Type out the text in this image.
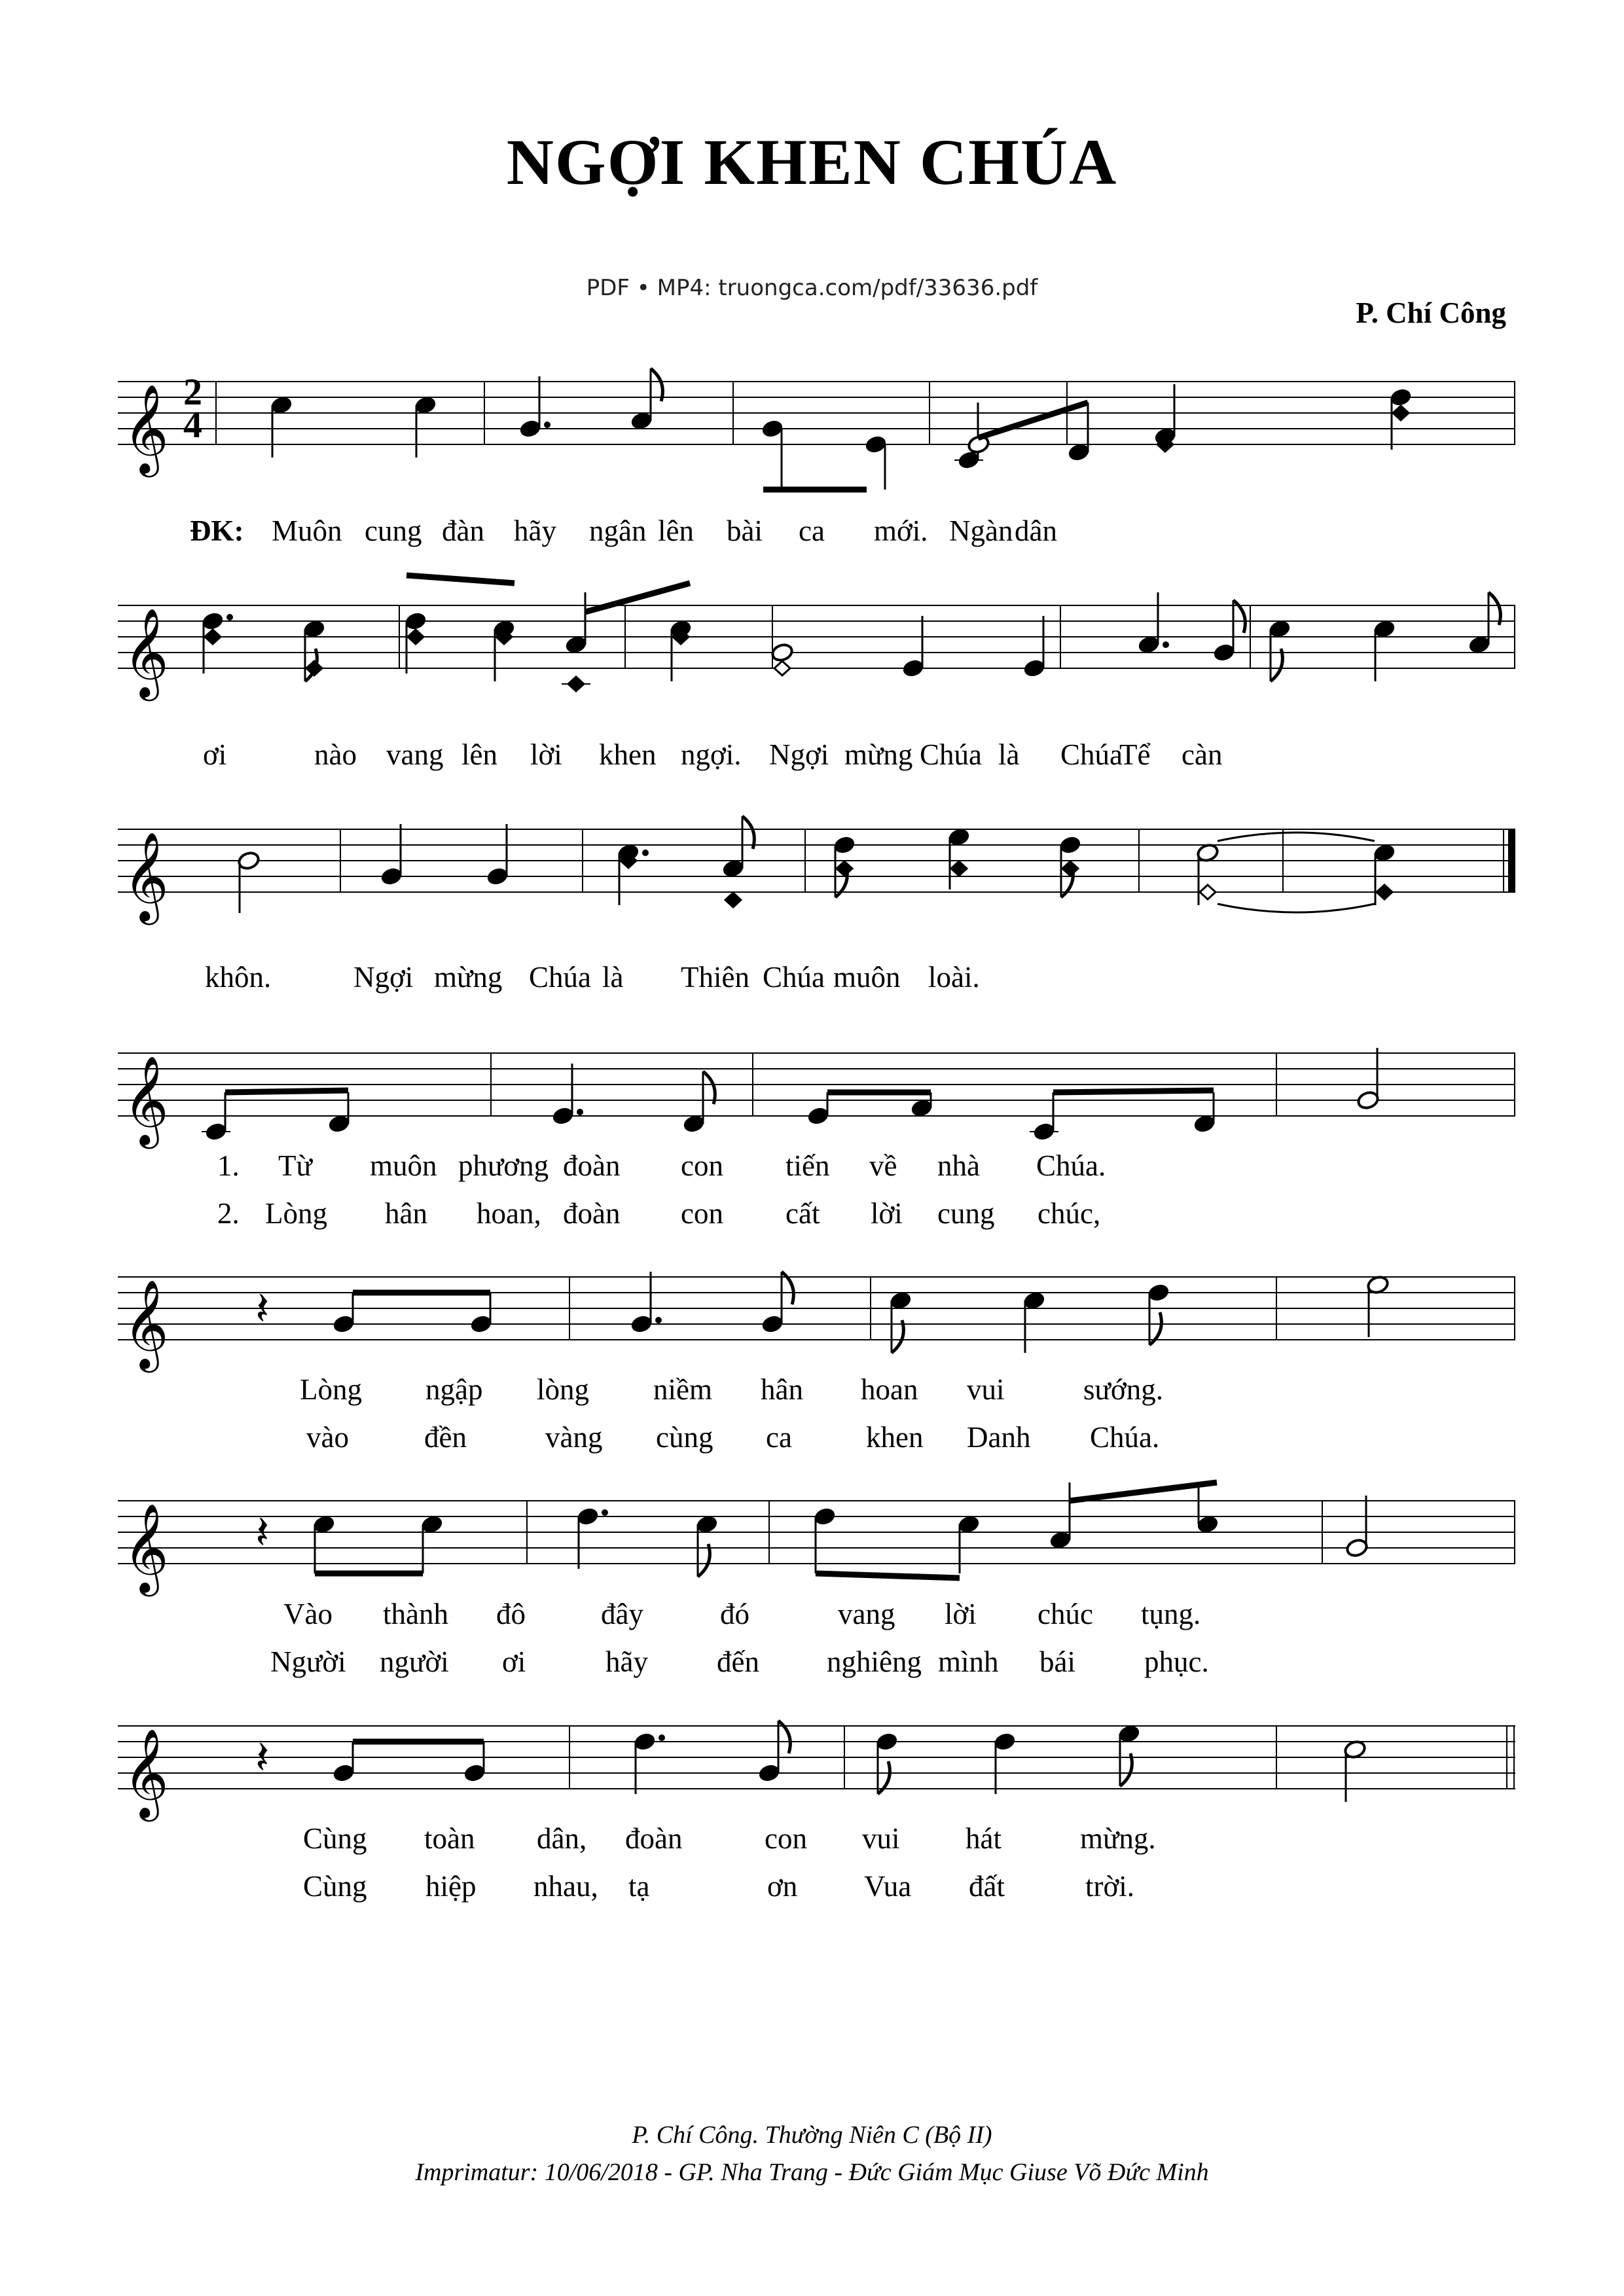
NGỢI KHEN CHÚA
PDF • MP4: truongca.com/pdf/33636.pdf
P. Chí Công
2
4
𝄞
ĐK: Muôn cung đàn hãy ngân lên bài ca mới. Ngàn dân
𝄞
ơi	nào vang lên lời khen ngợi. Ngợi mừng Chúa là Chúa
Tể càn
𝄞
khôn.	Ngợi mừng Chúa là Thiên Chúa muôn loài.
𝄞
1. Từ muôn phương đoàn con tiến về nhà Chúa.
2. Lòng hân hoan, đoàn con cất lời cung chúc,
𝄞 𝄽
Lòng ngập lòng niềm hân hoan vui	sướng.
vào	đền	vàng cùng ca	khen Danh Chúa.
𝄞 𝄽
Vào thành đô	đây	đó	vang lời chúc tụng.
Người người ơi	hãy đến nghiêng mình bái phục.
𝄞 𝄽
Cùng toàn dân, đoàn	con vui hát	mừng.
Cùng hiệp nhau, tạ	ơn Vua đất	trời.
P. Chí Công. Thường Niên C (Bộ II)
Imprimatur: 10/06/2018 - GP. Nha Trang - Đức Giám Mục Giuse Võ Đức Minh
